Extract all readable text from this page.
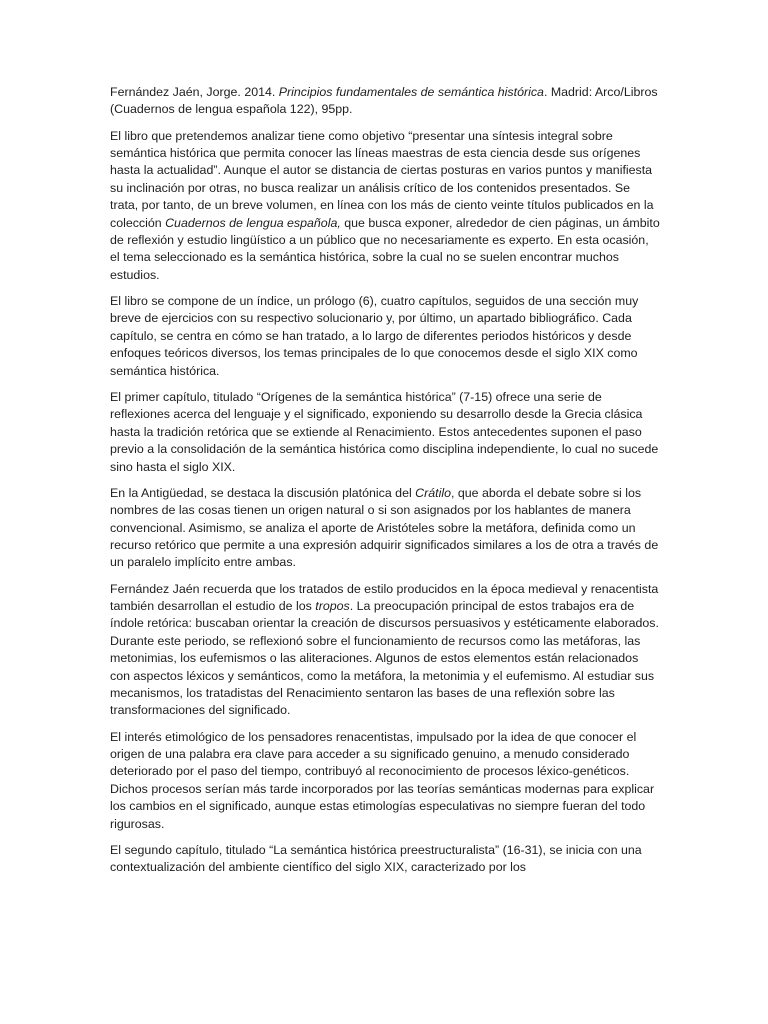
Fernández Jaén, Jorge. 2014. Principios fundamentales de semántica histórica. Madrid: Arco/Libros (Cuadernos de lengua española 122), 95pp.

El libro que pretendemos analizar tiene como objetivo “presentar una síntesis integral sobre semántica histórica que permita conocer las líneas maestras de esta ciencia desde sus orígenes hasta la actualidad”. Aunque el autor se distancia de ciertas posturas en varios puntos y manifiesta su inclinación por otras, no busca realizar un análisis crítico de los contenidos presentados. Se trata, por tanto, de un breve volumen, en línea con los más de ciento veinte títulos publicados en la colección Cuadernos de lengua española, que busca exponer, alrededor de cien páginas, un ámbito de reflexión y estudio lingüístico a un público que no necesariamente es experto. En esta ocasión, el tema seleccionado es la semántica histórica, sobre la cual no se suelen encontrar muchos estudios.

El libro se compone de un índice, un prólogo (6), cuatro capítulos, seguidos de una sección muy breve de ejercicios con su respectivo solucionario y, por último, un apartado bibliográfico. Cada capítulo, se centra en cómo se han tratado, a lo largo de diferentes periodos históricos y desde enfoques teóricos diversos, los temas principales de lo que conocemos desde el siglo XIX como semántica histórica.

El primer capítulo, titulado “Orígenes de la semántica histórica” (7-15) ofrece una serie de reflexiones acerca del lenguaje y el significado, exponiendo su desarrollo desde la Grecia clásica hasta la tradición retórica que se extiende al Renacimiento. Estos antecedentes suponen el paso previo a la consolidación de la semántica histórica como disciplina independiente, lo cual no sucede sino hasta el siglo XIX.

En la Antigüedad, se destaca la discusión platónica del Crátilo, que aborda el debate sobre si los nombres de las cosas tienen un origen natural o si son asignados por los hablantes de manera convencional. Asimismo, se analiza el aporte de Aristóteles sobre la metáfora, definida como un recurso retórico que permite a una expresión adquirir significados similares a los de otra a través de un paralelo implícito entre ambas.

Fernández Jaén recuerda que los tratados de estilo producidos en la época medieval y renacentista también desarrollan el estudio de los tropos. La preocupación principal de estos trabajos era de índole retórica: buscaban orientar la creación de discursos persuasivos y estéticamente elaborados. Durante este periodo, se reflexionó sobre el funcionamiento de recursos como las metáforas, las metonimias, los eufemismos o las aliteraciones. Algunos de estos elementos están relacionados con aspectos léxicos y semánticos, como la metáfora, la metonimia y el eufemismo. Al estudiar sus mecanismos, los tratadistas del Renacimiento sentaron las bases de una reflexión sobre las transformaciones del significado.

El interés etimológico de los pensadores renacentistas, impulsado por la idea de que conocer el origen de una palabra era clave para acceder a su significado genuino, a menudo considerado deteriorado por el paso del tiempo, contribuyó al reconocimiento de procesos léxico-genéticos. Dichos procesos serían más tarde incorporados por las teorías semánticas modernas para explicar los cambios en el significado, aunque estas etimologías especulativas no siempre fueran del todo rigurosas.

El segundo capítulo, titulado “La semántica histórica preestructuralista” (16-31), se inicia con una contextualización del ambiente científico del siglo XIX, caracterizado por los
